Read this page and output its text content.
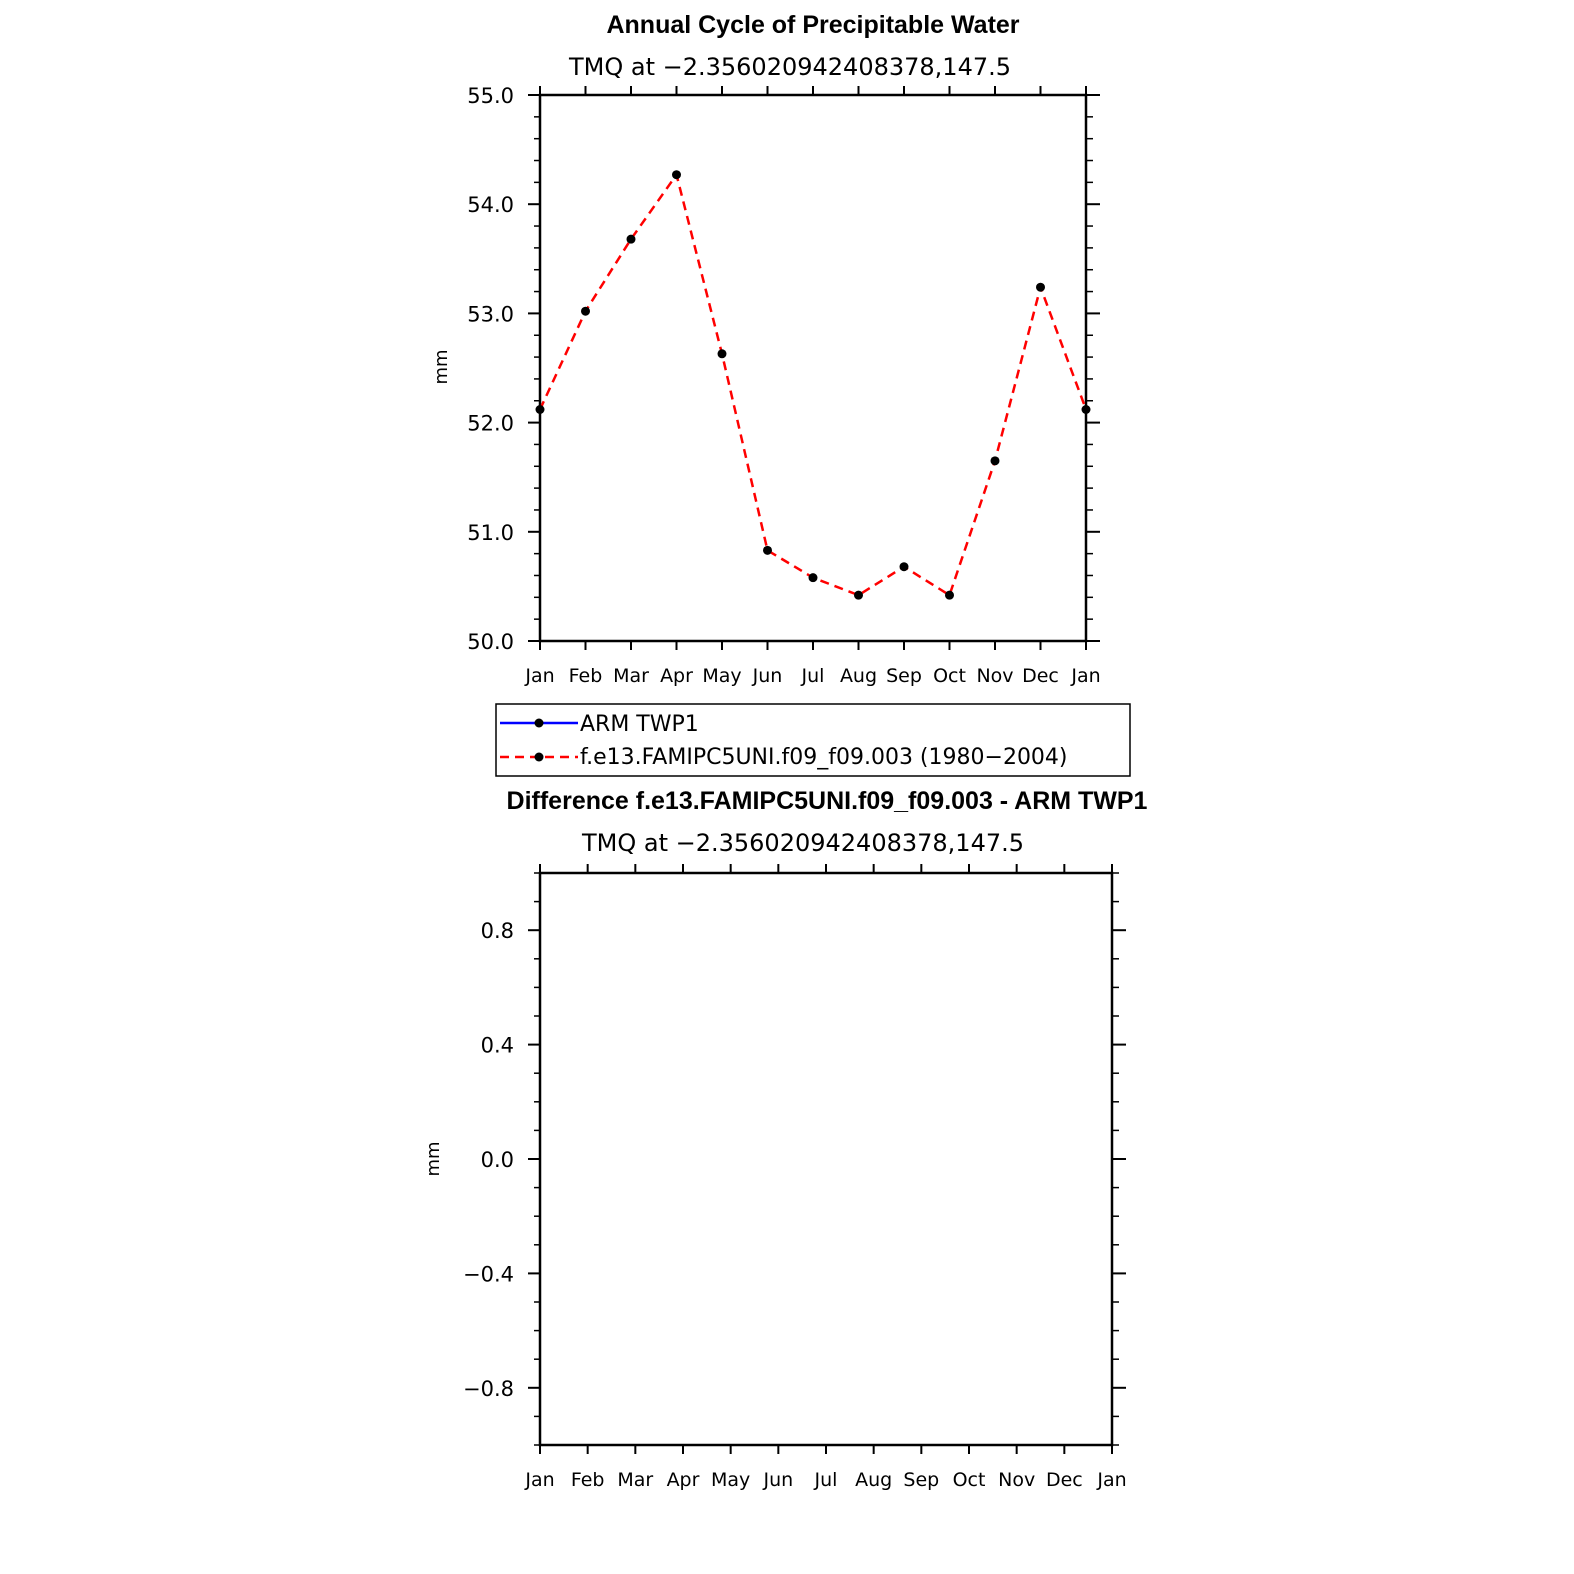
Annual Cycle of Precipitable Water
TMQ at −2.356020942408378,147.5
mm
Jan Feb Mar Apr May Jun Jul Aug Sep Oct Nov Dec Jan
50.0
51.0
52.0
53.0
54.0
55.0
ARM TWP1
f.e13.FAMIPC5UNI.f09_f09.003 (1980−2004)
Difference f.e13.FAMIPC5UNI.f09_f09.003 - ARM TWP1
TMQ at −2.356020942408378,147.5
mm
Jan Feb Mar Apr May Jun Jul Aug Sep Oct Nov Dec Jan
−0.8
−0.4
0.0
0.4
0.8
